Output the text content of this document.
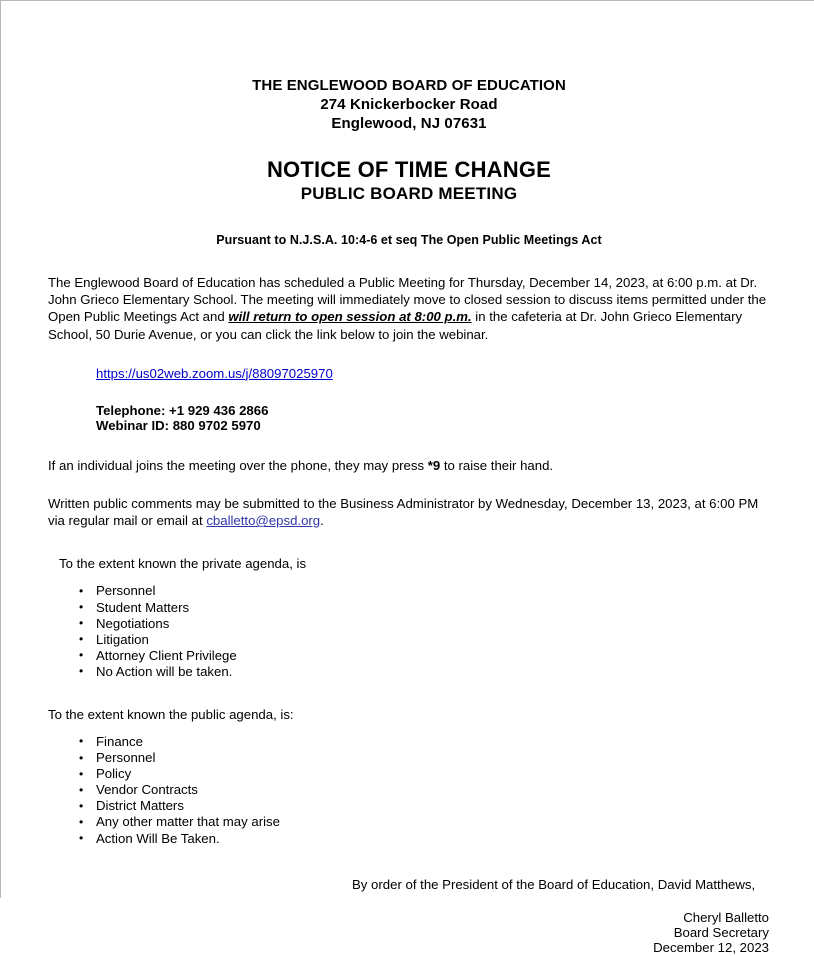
THE ENGLEWOOD BOARD OF EDUCATION
274 Knickerbocker Road
Englewood, NJ 07631
NOTICE OF TIME CHANGE
PUBLIC BOARD MEETING
Pursuant to N.J.S.A. 10:4-6 et seq The Open Public Meetings Act

The Englewood Board of Education has scheduled a Public Meeting for Thursday, December 14, 2023, at 6:00 p.m. at Dr. John Grieco Elementary School. The meeting will immediately move to closed session to discuss items permitted under the Open Public Meetings Act and will return to open session at 8:00 p.m. in the cafeteria at Dr. John Grieco Elementary School, 50 Durie Avenue, or you can click the link below to join the webinar.

https://us02web.zoom.us/j/88097025970
Telephone: +1 929 436 2866
Webinar ID: 880 9702 5970

If an individual joins the meeting over the phone, they may press *9 to raise their hand.

Written public comments may be submitted to the Business Administrator by Wednesday, December 13, 2023, at 6:00 PM via regular mail or email at cballetto@epsd.org.

To the extent known the private agenda, is
• Personnel
• Student Matters
• Negotiations
• Litigation
• Attorney Client Privilege
• No Action will be taken.
To the extent known the public agenda, is:
• Finance
• Personnel
• Policy
• Vendor Contracts
• District Matters
• Any other matter that may arise
• Action Will Be Taken.
By order of the President of the Board of Education, David Matthews,
Cheryl Balletto
Board Secretary
December 12, 2023
